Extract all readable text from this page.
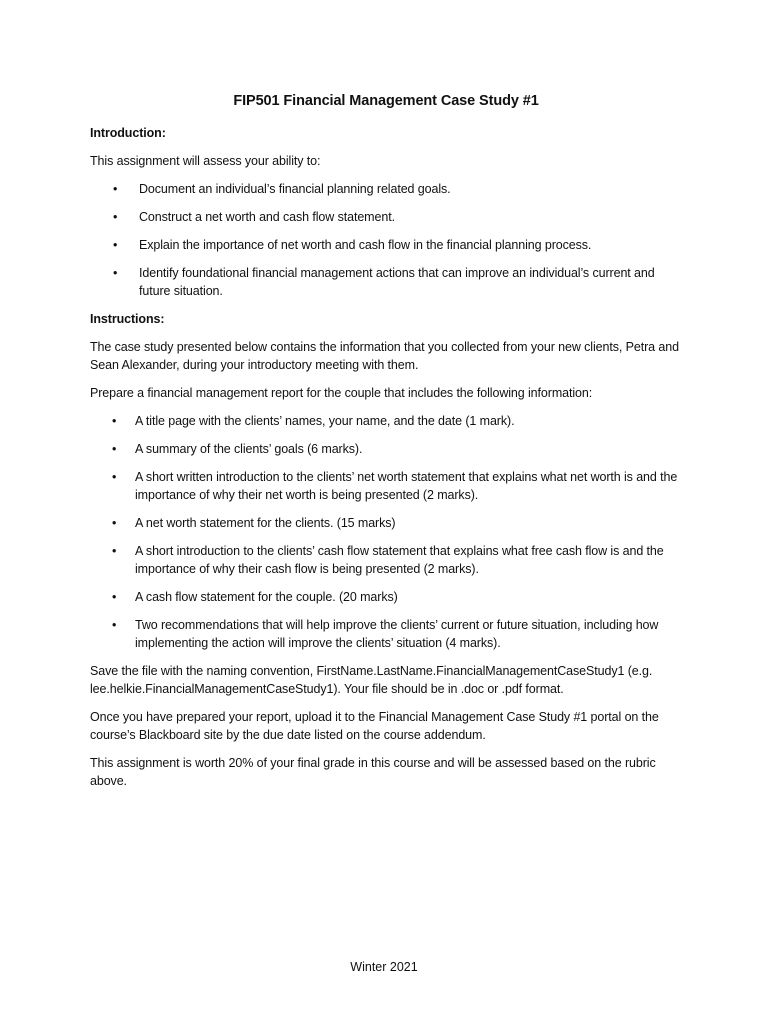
FIP501 Financial Management Case Study #1
Introduction:

This assignment will assess your ability to:

• Document an individual’s financial planning related goals.
• Construct a net worth and cash flow statement.
• Explain the importance of net worth and cash flow in the financial planning process.
• Identify foundational financial management actions that can improve an individual’s current and future situation.
Instructions:

The case study presented below contains the information that you collected from your new clients, Petra and Sean Alexander, during your introductory meeting with them.

Prepare a financial management report for the couple that includes the following information:

• A title page with the clients’ names, your name, and the date (1 mark).
• A summary of the clients’ goals (6 marks).
• A short written introduction to the clients’ net worth statement that explains what net worth is and the importance of why their net worth is being presented (2 marks).
• A net worth statement for the clients. (15 marks)
• A short introduction to the clients’ cash flow statement that explains what free cash flow is and the importance of why their cash flow is being presented (2 marks).
• A cash flow statement for the couple. (20 marks)
• Two recommendations that will help improve the clients’ current or future situation, including how implementing the action will improve the clients’ situation (4 marks).

Save the file with the naming convention, FirstName.LastName.FinancialManagementCaseStudy1 (e.g. lee.helkie.FinancialManagementCaseStudy1). Your file should be in .doc or .pdf format.

Once you have prepared your report, upload it to the Financial Management Case Study #1 portal on the course’s Blackboard site by the due date listed on the course addendum.

This assignment is worth 20% of your final grade in this course and will be assessed based on the rubric above.

Winter 2021
